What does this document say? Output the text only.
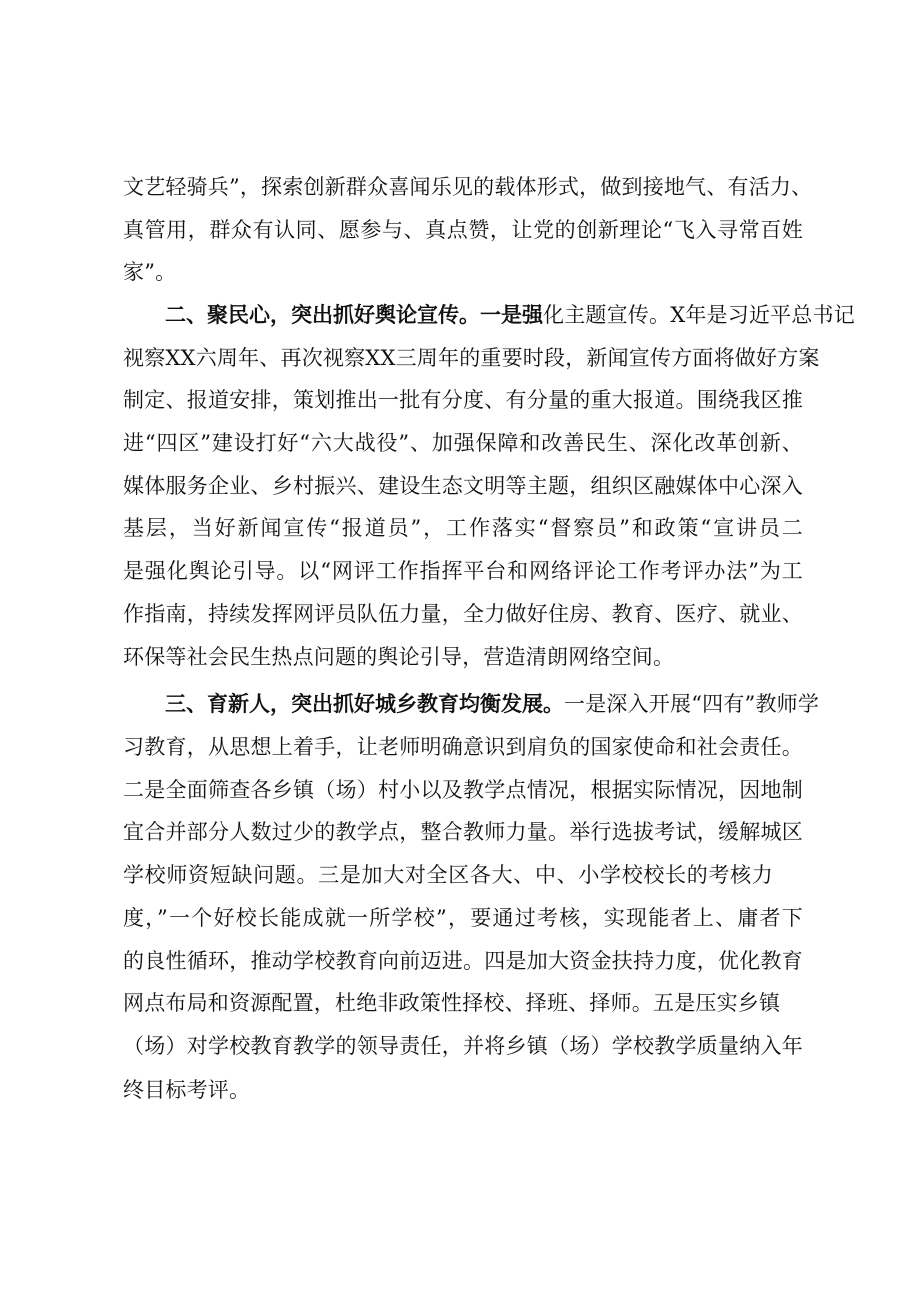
文艺轻骑兵”，探索创新群众喜闻乐见的载体形式，做到接地气、有活力、
真管用，群众有认同、愿参与、真点赞，让党的创新理论“飞入寻常百姓
家”。
二、聚民心，突出抓好舆论宣传。一是强化主题宣传。X年是习近平总书记
视察XX六周年、再次视察XX三周年的重要时段，新闻宣传方面将做好方案
制定、报道安排，策划推出一批有分度、有分量的重大报道。围绕我区推
进“四区”建设打好“六大战役”、加强保障和改善民生、深化改革创新、
媒体服务企业、乡村振兴、建设生态文明等主题，组织区融媒体中心深入
基层，当好新闻宣传“报道员”，工作落实“督察员”和政策“宣讲员二
是强化舆论引导。以“网评工作指挥平台和网络评论工作考评办法”为工
作指南，持续发挥网评员队伍力量，全力做好住房、教育、医疗、就业、
环保等社会民生热点问题的舆论引导，营造清朗网络空间。
三、育新人，突出抓好城乡教育均衡发展。一是深入开展“四有”教师学
习教育，从思想上着手，让老师明确意识到肩负的国家使命和社会责任。
二是全面筛查各乡镇（场）村小以及教学点情况，根据实际情况，因地制
宜合并部分人数过少的教学点，整合教师力量。举行选拔考试，缓解城区
学校师资短缺问题。三是加大对全区各大、中、小学校校长的考核力
度，”一个好校长能成就一所学校”，要通过考核，实现能者上、庸者下
的良性循环，推动学校教育向前迈进。四是加大资金扶持力度，优化教育
网点布局和资源配置，杜绝非政策性择校、择班、择师。五是压实乡镇
（场）对学校教育教学的领导责任，并将乡镇（场）学校教学质量纳入年
终目标考评。
